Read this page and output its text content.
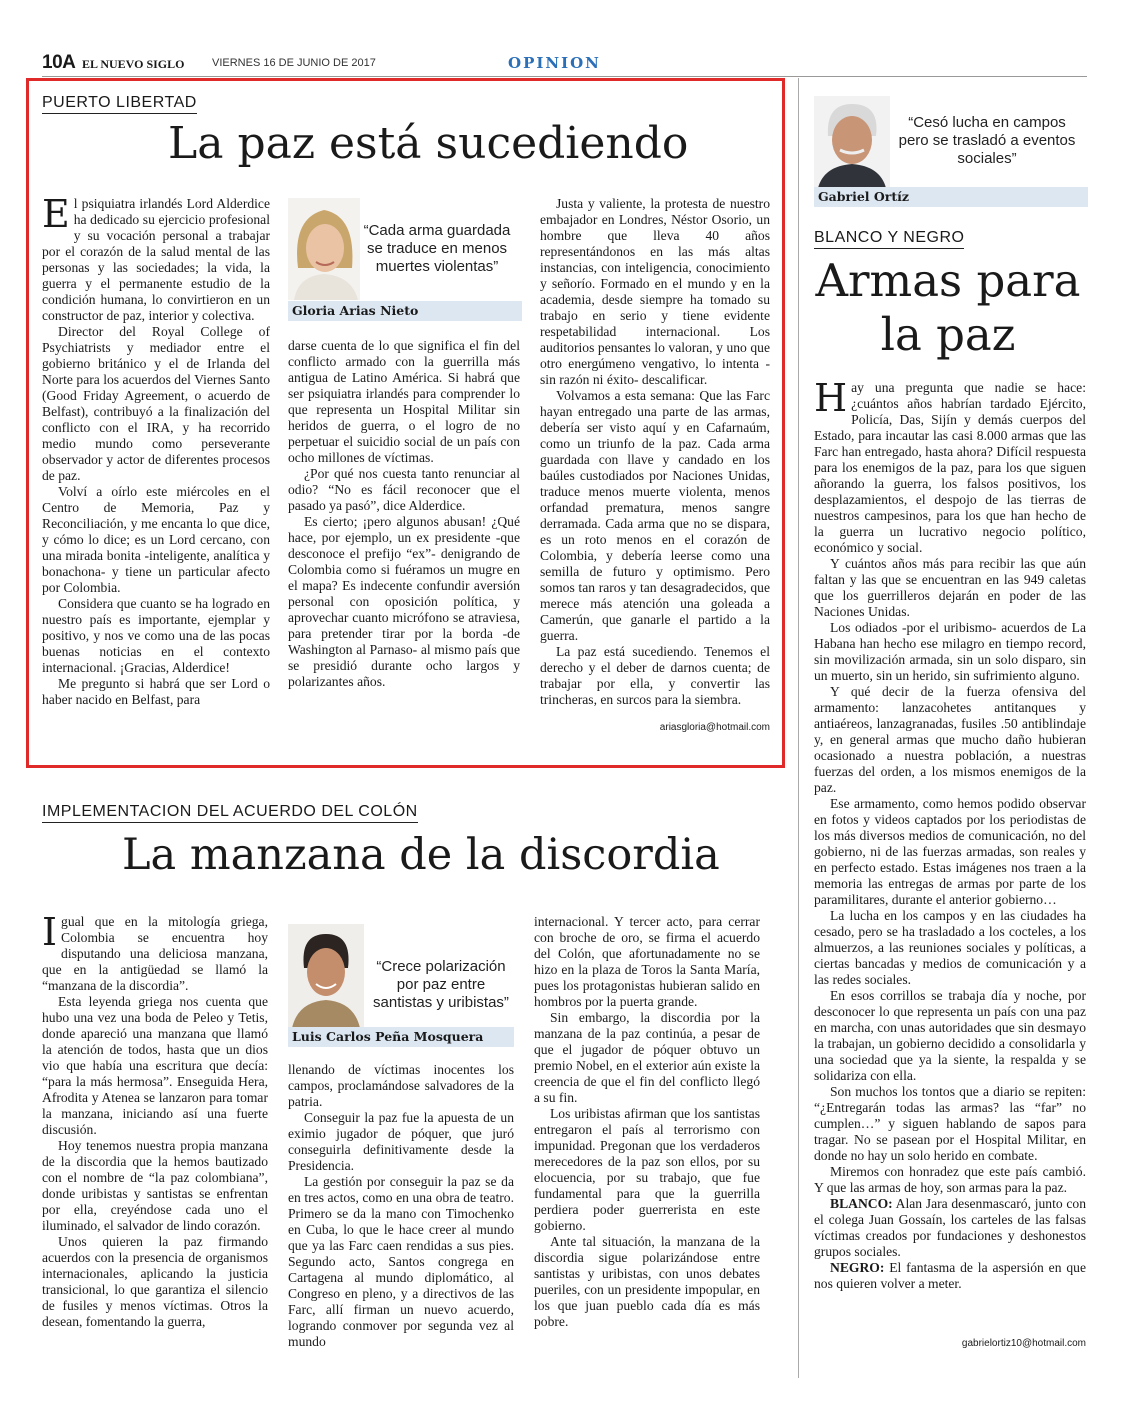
10A EL NUEVO SIGLO	VIERNES 16 DE JUNIO DE 2017	OPINION
PUERTO LIBERTAD
La paz está sucediendo

El psiquiatra irlandés Lord Alderdice ha dedicado su ejercicio profesional y su vocación personal a trabajar por el corazón de la salud mental de las personas y las sociedades; la vida, la guerra y el permanente estudio de la condición humana, lo convirtieron en un constructor de paz, interior y colectiva.

Director del Royal College of Psychiatrists y mediador entre el gobierno británico y el de Irlanda del Norte para los acuerdos del Viernes Santo (Good Friday Agreement, o acuerdo de Belfast), contribuyó a la finalización del conflicto con el IRA, y ha recorrido medio mundo como perseverante observador y actor de diferentes procesos de paz.

Volví a oírlo este miércoles en el Centro de Memoria, Paz y Reconciliación, y me encanta lo que dice, y cómo lo dice; es un Lord cercano, con una mirada bonita -inteligente, analítica y bonachona- y tiene un particular afecto por Colombia.

Considera que cuanto se ha logrado en nuestro país es importante, ejemplar y positivo, y nos ve como una de las pocas buenas noticias en el contexto internacional. ¡Gracias, Alderdice!

Me pregunto si habrá que ser Lord o haber nacido en Belfast, para

“Cada arma guardada se traduce en menos muertes violentas”
Gloria Arias Nieto

darse cuenta de lo que significa el fin del conflicto armado con la guerrilla más antigua de Latino América. Si habrá que ser psiquiatra irlandés para comprender lo que representa un Hospital Militar sin heridos de guerra, o el logro de no perpetuar el suicidio social de un país con ocho millones de víctimas.

¿Por qué nos cuesta tanto renunciar al odio? “No es fácil reconocer que el pasado ya pasó”, dice Alderdice.

Es cierto; ¡pero algunos abusan! ¿Qué hace, por ejemplo, un ex presidente -que desconoce el prefijo “ex”- denigrando de Colombia como si fuéramos un mugre en el mapa? Es indecente confundir aversión personal con oposición política, y aprovechar cuanto micrófono se atraviesa, para pretender tirar por la borda -de Washington al Parnaso- al mismo país que se presidió durante ocho largos y polarizantes años.

Justa y valiente, la protesta de nuestro embajador en Londres, Néstor Osorio, un hombre que lleva 40 años representándonos en las más altas instancias, con inteligencia, conocimiento y señorío. Formado en el mundo y en la academia, desde siempre ha tomado su trabajo en serio y tiene evidente respetabilidad internacional. Los auditorios pensantes lo valoran, y uno que otro energúmeno vengativo, lo intenta -sin razón ni éxito- descalificar.

Volvamos a esta semana: Que las Farc hayan entregado una parte de las armas, debería ser visto aquí y en Cafarnaúm, como un triunfo de la paz. Cada arma guardada con llave y candado en los baúles custodiados por Naciones Unidas, traduce menos muerte violenta, menos orfandad prematura, menos sangre derramada. Cada arma que no se dispara, es un roto menos en el corazón de Colombia, y debería leerse como una semilla de futuro y optimismo. Pero somos tan raros y tan desagradecidos, que merece más atención una goleada a Camerún, que ganarle el partido a la guerra.

La paz está sucediendo. Tenemos el derecho y el deber de darnos cuenta; de trabajar por ella, y convertir las trincheras, en surcos para la siembra.

ariasgloria@hotmail.com
“Cesó lucha en campos pero se trasladó a eventos sociales”
Gabriel Ortíz
BLANCO Y NEGRO
Armas para
la paz

Hay una pregunta que nadie se hace: ¿cuántos años habrían tardado Ejército, Policía, Das, Sijín y demás cuerpos del Estado, para incautar las casi 8.000 armas que las Farc han entregado, hasta ahora? Difícil respuesta para los enemigos de la paz, para los que siguen añorando la guerra, los falsos positivos, los desplazamientos, el despojo de las tierras de nuestros campesinos, para los que han hecho de la guerra un lucrativo negocio político, económico y social.

Y cuántos años más para recibir las que aún faltan y las que se encuentran en las 949 caletas que los guerrilleros dejarán en poder de las Naciones Unidas.

Los odiados -por el uribismo- acuerdos de La Habana han hecho ese milagro en tiempo record, sin movilización armada, sin un solo disparo, sin un muerto, sin un herido, sin sufrimiento alguno.

Y qué decir de la fuerza ofensiva del armamento: lanzacohetes antitanques y antiaéreos, lanzagranadas, fusiles .50 antiblindaje y, en general armas que mucho daño hubieran ocasionado a nuestra población, a nuestras fuerzas del orden, a los mismos enemigos de la paz.

Ese armamento, como hemos podido observar en fotos y videos captados por los periodistas de los más diversos medios de comunicación, no del gobierno, ni de las fuerzas armadas, son reales y en perfecto estado. Estas imágenes nos traen a la memoria las entregas de armas por parte de los paramilitares, durante el anterior gobierno…

La lucha en los campos y en las ciudades ha cesado, pero se ha trasladado a los cocteles, a los almuerzos, a las reuniones sociales y políticas, a ciertas bancadas y medios de comunicación y a las redes sociales.

En esos corrillos se trabaja día y noche, por desconocer lo que representa un país con una paz en marcha, con unas autoridades que sin desmayo la trabajan, un gobierno decidido a consolidarla y una sociedad que ya la siente, la respalda y se solidariza con ella.

Son muchos los tontos que a diario se repiten: “¿Entregarán todas las armas? las “far” no cumplen…” y siguen hablando de sapos para tragar. No se pasean por el Hospital Militar, en donde no hay un solo herido en combate.

Miremos con honradez que este país cambió. Y que las armas de hoy, son armas para la paz.

BLANCO: Alan Jara desenmascaró, junto con el colega Juan Gossaín, los carteles de las falsas víctimas creados por fundaciones y deshonestos grupos sociales.

NEGRO: El fantasma de la aspersión en que nos quieren volver a meter.

gabrielortiz10@hotmail.com
IMPLEMENTACION DEL ACUERDO DEL COLÓN
La manzana de la discordia

Igual que en la mitología griega, Colombia se encuentra hoy disputando una deliciosa manzana, que en la antigüedad se llamó la “manzana de la discordia”.

Esta leyenda griega nos cuenta que hubo una vez una boda de Peleo y Tetis, donde apareció una manzana que llamó la atención de todos, hasta que un dios vio que había una escritura que decía: “para la más hermosa”. Enseguida Hera, Afrodita y Atenea se lanzaron para tomar la manzana, iniciando así una fuerte discusión.

Hoy tenemos nuestra propia manzana de la discordia que la hemos bautizado con el nombre de “la paz colombiana”, donde uribistas y santistas se enfrentan por ella, creyéndose cada uno el iluminado, el salvador de lindo corazón.

Unos quieren la paz firmando acuerdos con la presencia de organismos internacionales, aplicando la justicia transicional, lo que garantiza el silencio de fusiles y menos víctimas. Otros la desean, fomentando la guerra,

“Crece polarización por paz entre santistas y uribistas”
Luis Carlos Peña Mosquera

llenando de víctimas inocentes los campos, proclamándose salvadores de la patria.

Conseguir la paz fue la apuesta de un eximio jugador de póquer, que juró conseguirla definitivamente desde la Presidencia.

La gestión por conseguir la paz se da en tres actos, como en una obra de teatro. Primero se da la mano con Timochenko en Cuba, lo que le hace creer al mundo que ya las Farc caen rendidas a sus pies. Segundo acto, Santos congrega en Cartagena al mundo diplomático, al Congreso en pleno, y a directivos de las Farc, allí firman un nuevo acuerdo, logrando conmover por segunda vez al mundo

internacional. Y tercer acto, para cerrar con broche de oro, se firma el acuerdo del Colón, que afortunadamente no se hizo en la plaza de Toros la Santa María, pues los protagonistas hubieran salido en hombros por la puerta grande.

Sin embargo, la discordia por la manzana de la paz continúa, a pesar de que el jugador de póquer obtuvo un premio Nobel, en el exterior aún existe la creencia de que el fin del conflicto llegó a su fin.

Los uribistas afirman que los santistas entregaron el país al terrorismo con impunidad. Pregonan que los verdaderos merecedores de la paz son ellos, por su elocuencia, por su trabajo, que fue fundamental para que la guerrilla perdiera poder guerrerista en este gobierno.

Ante tal situación, la manzana de la discordia sigue polarizándose entre santistas y uribistas, con unos debates pueriles, con un presidente impopular, en los que juan pueblo cada día es más pobre.
